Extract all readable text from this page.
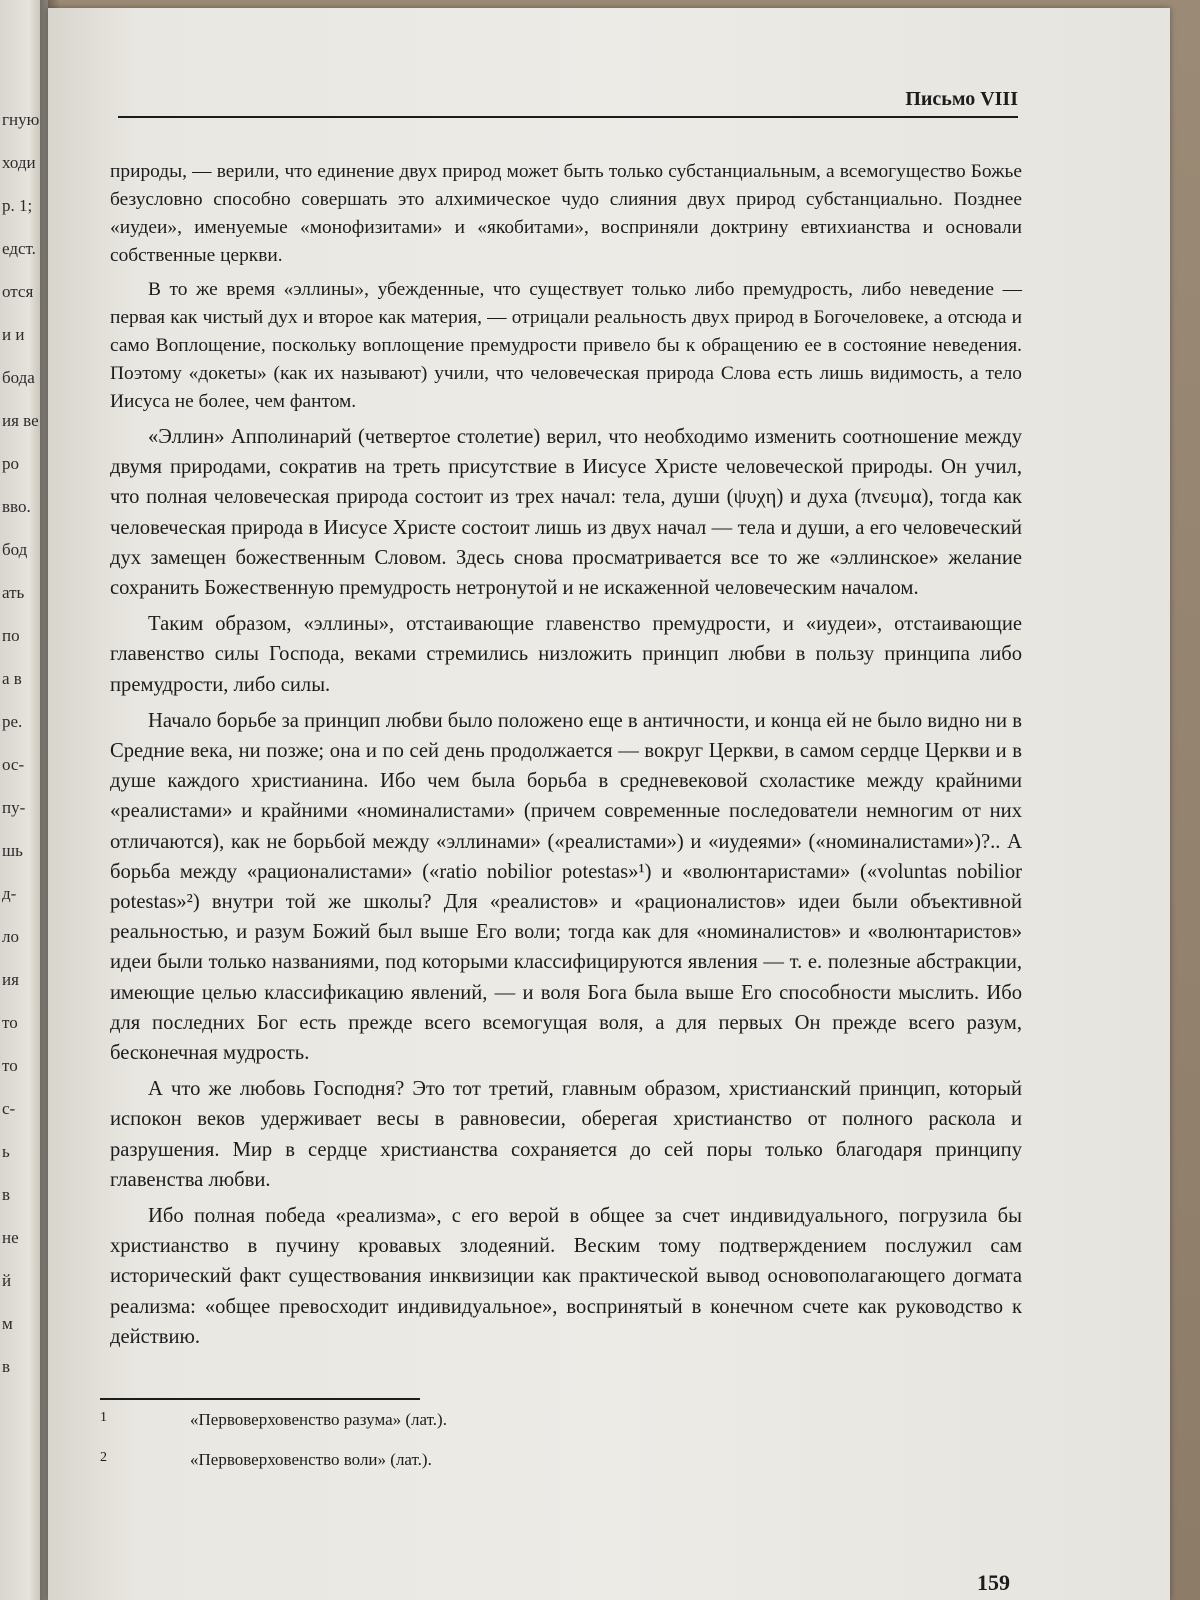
гную
ходи
р. 1;
едст.
отся
и и
бода
ия ве
ро
вво.
бод
ать
по
а в
ре.
ос-
пу-
шь
д-
ло
ия
то
то
с-
ь
в
не
й
м
в
Письмо VIII

природы, — верили, что единение двух природ может быть только субстанциальным, а всемогущество Божье безусловно способно совершать это алхимическое чудо слияния двух природ субстанциально. Позднее «иудеи», именуемые «монофизитами» и «якобитами», восприняли доктрину евтихианства и основали собственные церкви.

В то же время «эллины», убежденные, что существует только либо премудрость, либо неведение — первая как чистый дух и второе как материя, — отрицали реальность двух природ в Богочеловеке, а отсюда и само Воплощение, поскольку воплощение премудрости привело бы к обращению ее в состояние неведения. Поэтому «докеты» (как их называют) учили, что человеческая природа Слова есть лишь видимость, а тело Иисуса не более, чем фантом.

«Эллин» Апполинарий (четвертое столетие) верил, что необходимо изменить соотношение между двумя природами, сократив на треть присутствие в Иисусе Христе человеческой природы. Он учил, что полная человеческая природа состоит из трех начал: тела, души (ψυχη) и духа (πνευμα), тогда как человеческая природа в Иисусе Христе состоит лишь из двух начал — тела и души, а его человеческий дух замещен божественным Словом. Здесь снова просматривается все то же «эллинское» желание сохранить Божественную премудрость нетронутой и не искаженной человеческим началом.

Таким образом, «эллины», отстаивающие главенство премудрости, и «иудеи», отстаивающие главенство силы Господа, веками стремились низложить принцип любви в пользу принципа либо премудрости, либо силы.

Начало борьбе за принцип любви было положено еще в античности, и конца ей не было видно ни в Средние века, ни позже; она и по сей день продолжается — вокруг Церкви, в самом сердце Церкви и в душе каждого христианина. Ибо чем была борьба в средневековой схоластике между крайними «реалистами» и крайними «номиналистами» (причем современные последователи немногим от них отличаются), как не борьбой между «эллинами» («реалистами») и «иудеями» («номиналистами»)?.. А борьба между «рационалистами» («ratio nobilior potestas»¹) и «волюнтаристами» («voluntas nobilior potestas»²) внутри той же школы? Для «реалистов» и «рационалистов» идеи были объективной реальностью, и разум Божий был выше Его воли; тогда как для «номиналистов» и «волюнтаристов» идеи были только названиями, под которыми классифицируются явления — т. е. полезные абстракции, имеющие целью классификацию явлений, — и воля Бога была выше Его способности мыслить. Ибо для последних Бог есть прежде всего всемогущая воля, а для первых Он прежде всего разум, бесконечная мудрость.

А что же любовь Господня? Это тот третий, главным образом, христианский принцип, который испокон веков удерживает весы в равновесии, оберегая христианство от полного раскола и разрушения. Мир в сердце христианства сохраняется до сей поры только благодаря принципу главенства любви.

Ибо полная победа «реализма», с его верой в общее за счет индивидуального, погрузила бы христианство в пучину кровавых злодеяний. Веским тому подтверждением послужил сам исторический факт существования инквизиции как практической вывод основополагающего догмата реализма: «общее превосходит индивидуальное», воспринятый в конечном счете как руководство к действию.

1	«Первоверховенство разума» (лат.).
2	«Первоверховенство воли» (лат.).
159
